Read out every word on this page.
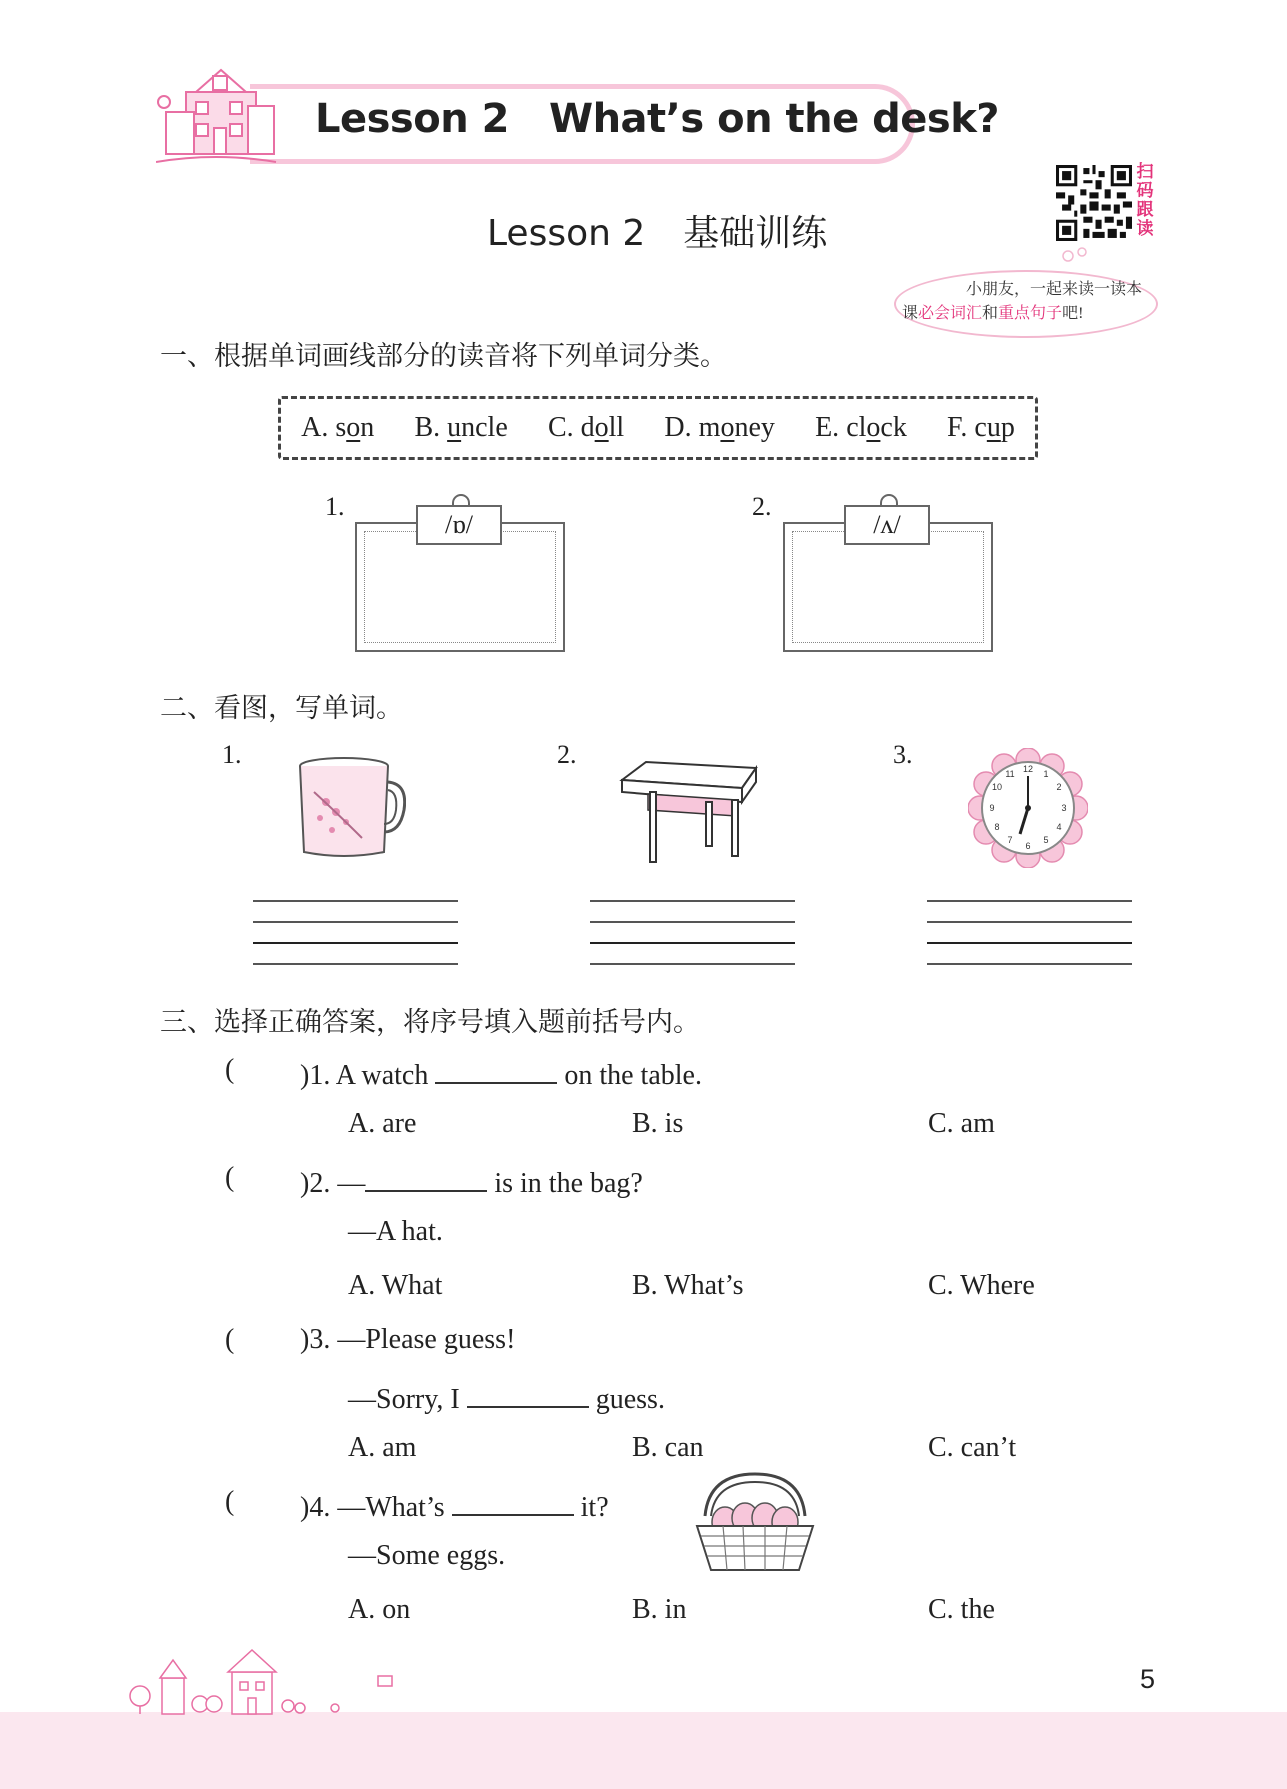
Lesson 2 What’s on the desk?
Lesson 2 基础训练
扫
码
跟
读

小朋友，一起来读一读本

课必会词汇和重点句子吧!

一、根据单词画线部分的读音将下列单词分类。
A. son B. uncle C. doll D. money E. clock F. cup
1.
/ɒ/
2.
/ʌ/
二、看图，写单词。
1.	2.	3.	12 1
2
3
4
5
6
7
8
9
10
11
三、选择正确答案，将序号填入题前括号内。
( )1. A watch	on the table.
A. are	B. is	C. am
( )2. —	is in the bag?
—A hat.
A. What	B. What’s	C. Where
( )3. —Please guess!
—Sorry, I	guess.
A. am	B. can	C. can’t
( )4. —What’s	it?
—Some eggs.
A. on	B. in	C. the
5
